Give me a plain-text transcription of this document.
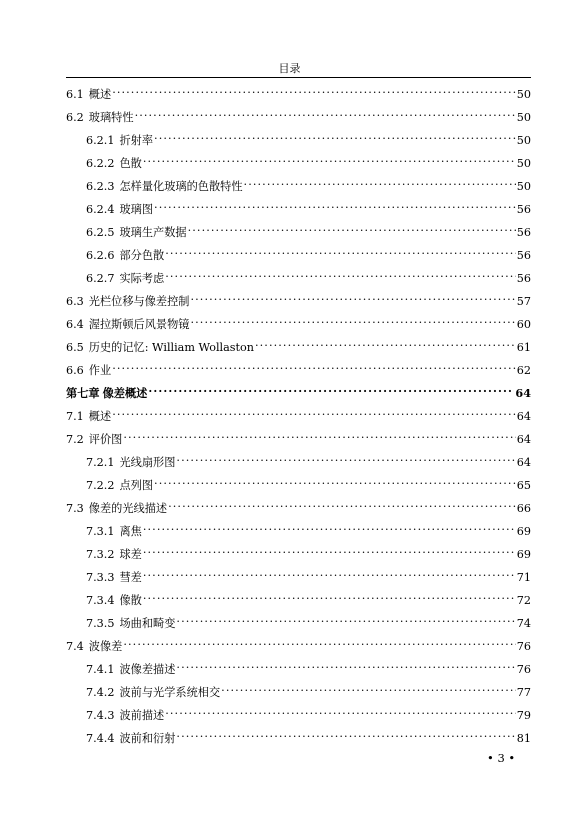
目录
6.1 概述 .....	50
6.2 玻璃特性 .....	50
6.2.1 折射率 .....	50
6.2.2 色散 .....	50
6.2.3 怎样量化玻璃的色散特性 .....	50
6.2.4 玻璃图 .....	56
6.2.5 玻璃生产数据 .....	56
6.2.6 部分色散 .....	56
6.2.7 实际考虑 .....	56
6.3 光栏位移与像差控制 .....	57
6.4 渥拉斯顿后风景物镜 .....	60
6.5 历史的记忆: William Wollaston .....	61
6.6 作业 .....	62
第七章 像差概述 .....	64
7.1 概述 .....	64
7.2 评价图 .....	64
7.2.1 光线扇形图 .....	64
7.2.2 点列图 .....	65
7.3 像差的光线描述 .....	66
7.3.1 离焦 .....	69
7.3.2 球差 .....	69
7.3.3 彗差 .....	71
7.3.4 像散 .....	72
7.3.5 场曲和畸变 .....	74
7.4 波像差 .....	76
7.4.1 波像差描述 .....	76
7.4.2 波前与光学系统相交 .....	77
7.4.3 波前描述 .....	79
7.4.4 波前和衍射 .....	81
• 3 •
